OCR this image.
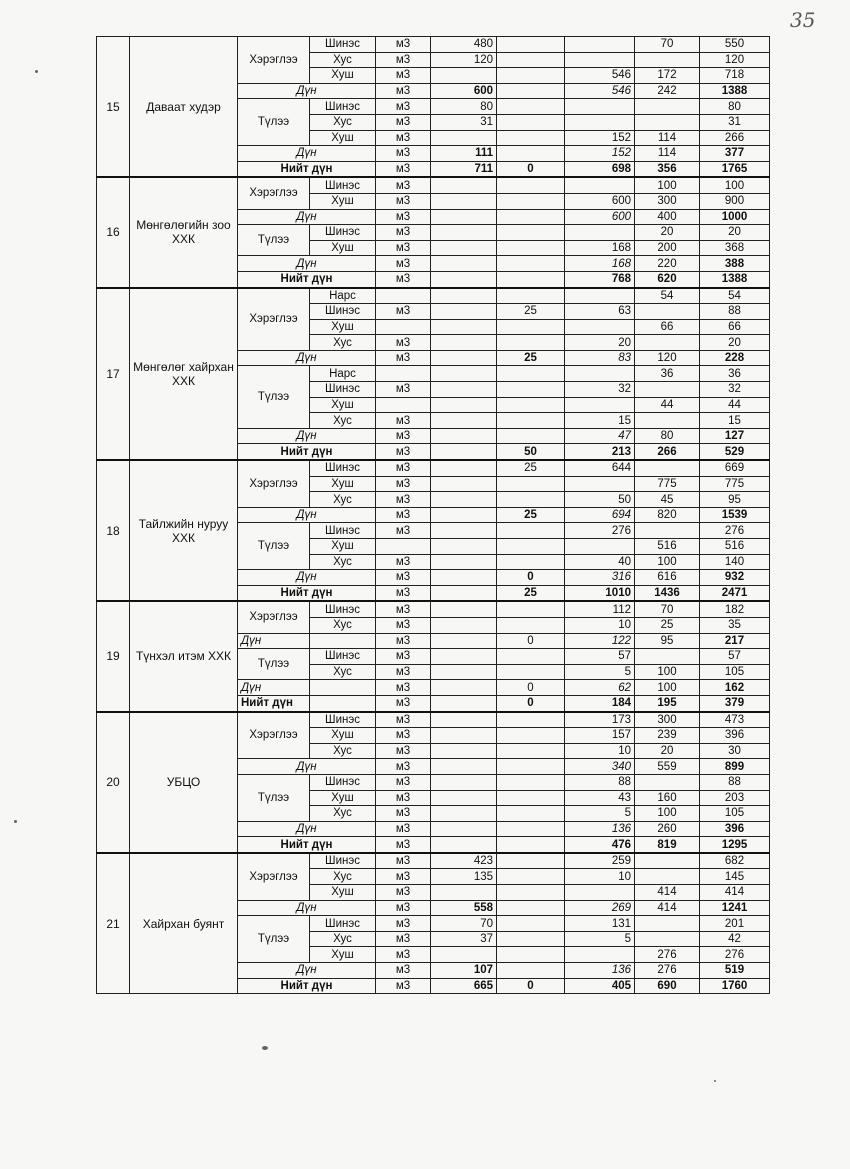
35
15	Даваат худэр	Хэрэглээ	Шинэс	м3	480			70	550
			Хус	м3	120				120
			Хуш	м3			546	172	718
		Дүн		м3	600		546	242	1388
		Түлээ	Шинэс	м3	80				80
			Хус	м3	31				31
			Хуш	м3			152	114	266
		Дүн		м3	111		152	114	377
		Нийт дүн		м3	711	0	698	356	1765
16	Мөнгөлөгийн зоо ХХК	Хэрэглээ	Шинэс	м3				100	100
			Хуш	м3			600	300	900
		Дүн		м3			600	400	1000
		Түлээ	Шинэс	м3				20	20
			Хуш	м3			168	200	368
		Дүн		м3			168	220	388
		Нийт дүн		м3			768	620	1388
17	Мөнгөлөг хайрхан ХХК	Хэрэглээ	Нарс					54	54
			Шинэс	м3		25	63		88
			Хуш					66	66
			Хус	м3			20		20
		Дүн		м3		25	83	120	228
		Түлээ	Нарс					36	36
			Шинэс	м3			32		32
			Хуш					44	44
			Хус	м3			15		15
		Дүн		м3			47	80	127
		Нийт дүн		м3		50	213	266	529
18	Тайлжийн нуруу ХХК	Хэрэглээ	Шинэс	м3		25	644		669
			Хуш	м3				775	775
			Хус	м3			50	45	95
		Дүн		м3		25	694	820	1539
		Түлээ	Шинэс	м3			276		276
			Хуш					516	516
			Хус	м3			40	100	140
		Дүн		м3		0	316	616	932
		Нийт дүн		м3		25	1010	1436	2471
19	Түнхэл итэм ХХК	Хэрэглээ	Шинэс	м3			112	70	182
			Хус	м3			10	25	35
		Дүн		м3		0	122	95	217
		Түлээ	Шинэс	м3			57		57
			Хус	м3			5	100	105
		Дүн		м3		0	62	100	162
		Нийт дүн		м3		0	184	195	379
20	УБЦО	Хэрэглээ	Шинэс	м3			173	300	473
			Хуш	м3			157	239	396
			Хус	м3			10	20	30
		Дүн		м3			340	559	899
		Түлээ	Шинэс	м3			88		88
			Хуш	м3			43	160	203
			Хус	м3			5	100	105
		Дүн		м3			136	260	396
		Нийт дүн		м3			476	819	1295
21	Хайрхан буянт	Хэрэглээ	Шинэс	м3	423		259		682
			Хус	м3	135		10		145
			Хуш	м3				414	414
		Дүн		м3	558		269	414	1241
		Түлээ	Шинэс	м3	70		131		201
			Хус	м3	37		5		42
			Хуш	м3				276	276
		Дүн		м3	107		136	276	519
		Нийт дүн		м3	665	0	405	690	1760
